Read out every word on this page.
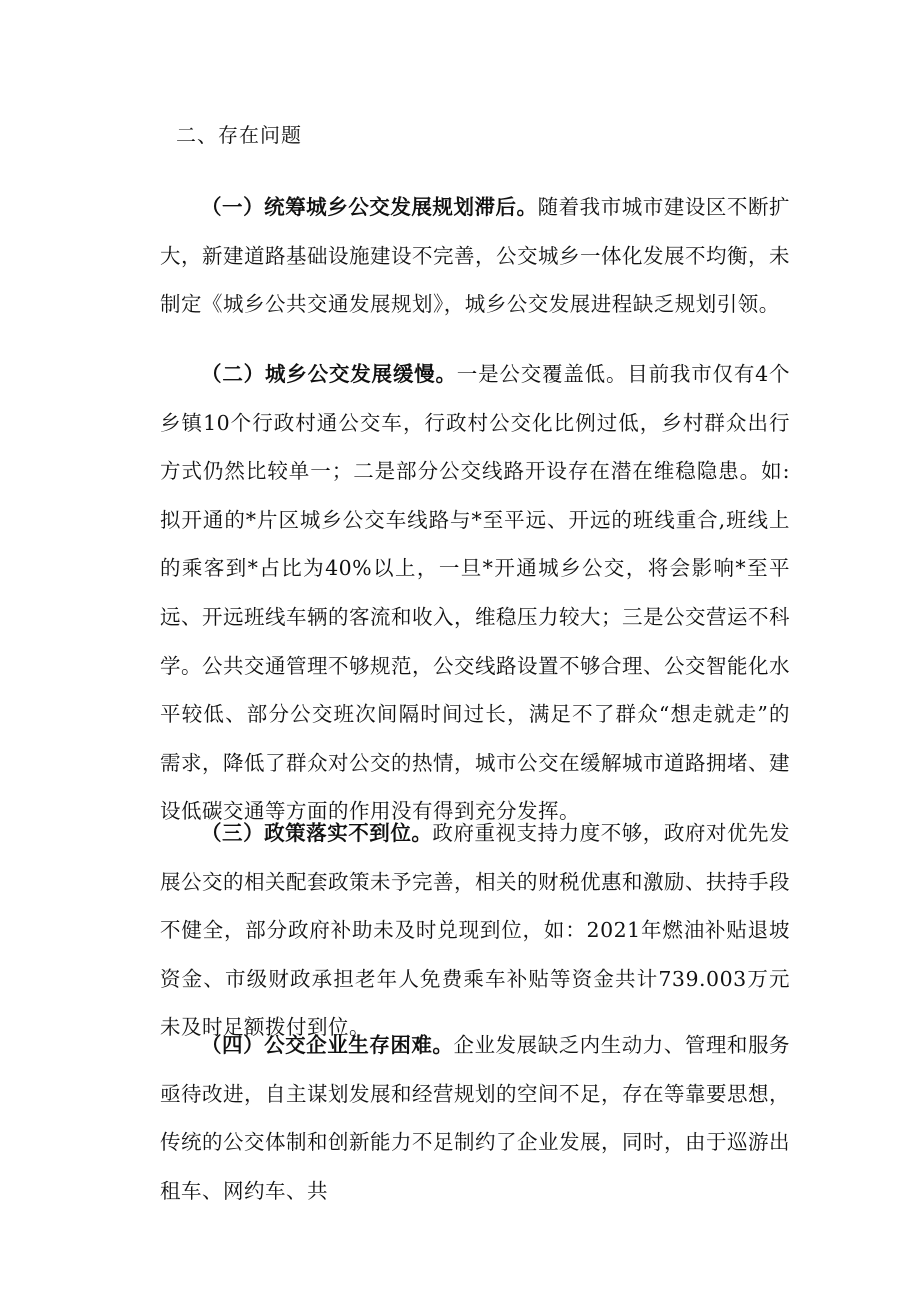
二、存在问题

（一）统筹城乡公交发展规划滞后。随着我市城市建设区不断扩大，新建道路基础设施建设不完善，公交城乡一体化发展不均衡，未制定《城乡公共交通发展规划》，城乡公交发展进程缺乏规划引领。

（二）城乡公交发展缓慢。一是公交覆盖低。目前我市仅有4个乡镇10个行政村通公交车，行政村公交化比例过低，乡村群众出行方式仍然比较单一；二是部分公交线路开设存在潜在维稳隐患。如:拟开通的*片区城乡公交车线路与*至平远、开远的班线重合,班线上的乘客到*占比为40%以上，一旦*开通城乡公交，将会影响*至平远、开远班线车辆的客流和收入，维稳压力较大；三是公交营运不科学。公共交通管理不够规范，公交线路设置不够合理、公交智能化水平较低、部分公交班次间隔时间过长，满足不了群众“想走就走”的需求，降低了群众对公交的热情，城市公交在缓解城市道路拥堵、建设低碳交通等方面的作用没有得到充分发挥。

（三）政策落实不到位。政府重视支持力度不够，政府对优先发展公交的相关配套政策未予完善，相关的财税优惠和激励、扶持手段不健全，部分政府补助未及时兑现到位，如：2021年燃油补贴退坡资金、市级财政承担老年人免费乘车补贴等资金共计739.003万元未及时足额拨付到位。

（四）公交企业生存困难。企业发展缺乏内生动力、管理和服务亟待改进，自主谋划发展和经营规划的空间不足，存在等靠要思想，传统的公交体制和创新能力不足制约了企业发展，同时，由于巡游出租车、网约车、共
